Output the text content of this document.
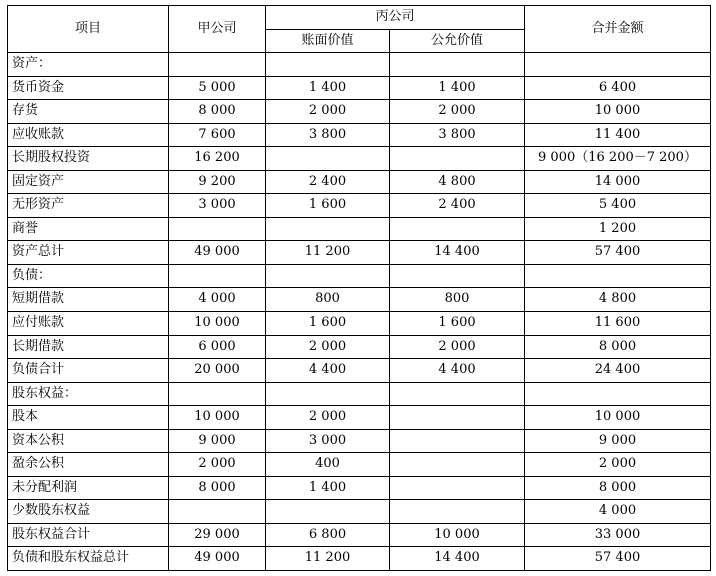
项目	甲公司	丙公司		合并金额
		账面价值	公允价值	
资产：				
货币资金	5 000	1 400	1 400	6 400
存货	8 000	2 000	2 000	10 000
应收账款	7 600	3 800	3 800	11 400
长期股权投资	16 200			9 000（16 200－7 200）
固定资产	9 200	2 400	4 800	14 000
无形资产	3 000	1 600	2 400	5 400
商誉				1 200
资产总计	49 000	11 200	14 400	57 400
负债：				
短期借款	4 000	800	800	4 800
应付账款	10 000	1 600	1 600	11 600
长期借款	6 000	2 000	2 000	8 000
负债合计	20 000	4 400	4 400	24 400
股东权益：				
股本	10 000	2 000		10 000
资本公积	9 000	3 000		9 000
盈余公积	2 000	400		2 000
未分配利润	8 000	1 400		8 000
少数股东权益				4 000
股东权益合计	29 000	6 800	10 000	33 000
负债和股东权益总计	49 000	11 200	14 400	57 400
